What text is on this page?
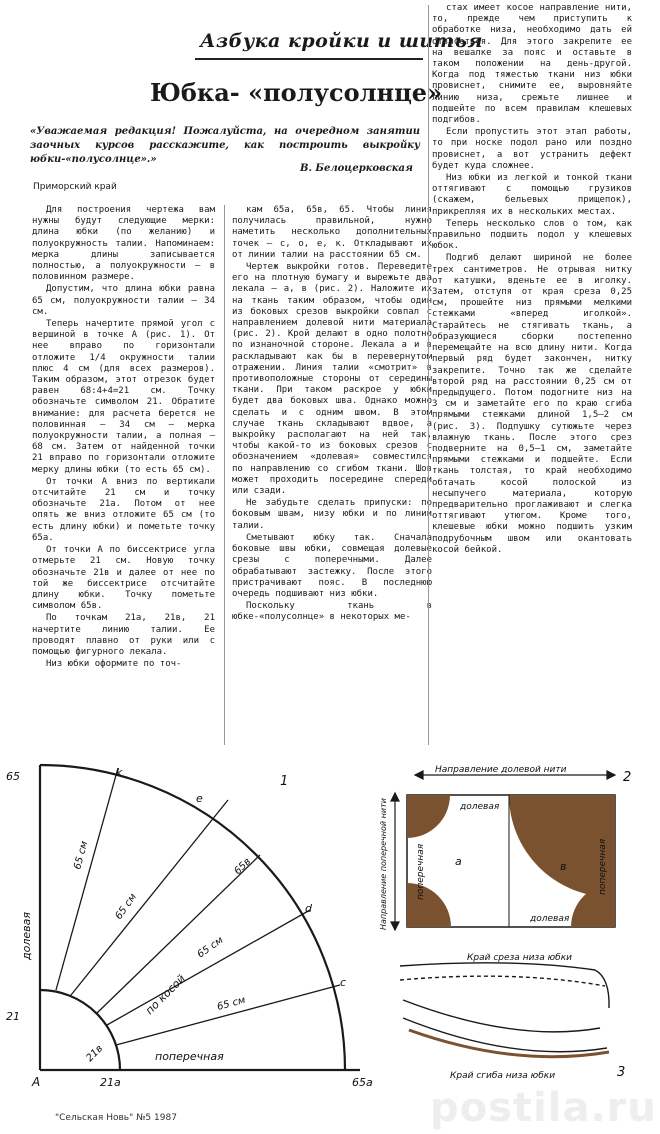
Азбука кройки и шитья
Юбка- «полусолнце»
«Уважаемая редакция! Пожалуйста, на очередном занятии заочных курсов расскажите, как построить выкройку юбки-«полусолнце».»
В. Белоцерковская
Приморский край

Для построения чертежа вам нужны будут следующие мерки: длина юбки (по желанию) и полуокружность талии. Напоминаем: мерка длины записывается полностью, а полуокружности — в половинном размере.

Допустим, что длина юбки равна 65 см, полуокружности талии — 34 см.

Теперь начертите прямой угол с вершиной в точке А (рис. 1). От нее вправо по горизонтали отложите 1/4 окружности талии плюс 4 см (для всех размеров). Таким образом, этот отрезок будет равен 68:4+4=21 см. Точку обозначьте символом 21. Обратите внимание: для расчета берется не половинная — 34 см — мерка полуокружности талии, а полная — 68 см. Затем от найденной точки 21 вправо по горизонтали отложите мерку длины юбки (то есть 65 см).

От точки А вниз по вертикали отсчитайте 21 см и точку обозначьте 21а. Потом от нее опять же вниз отложите 65 см (то есть длину юбки) и пометьте точку 65а.

От точки А по биссектрисе угла отмерьте 21 см. Новую точку обозначьте 21в и далее от нее по той же биссектрисе отсчитайте длину юбки. Точку пометьте символом 65в.

По точкам 21а, 21в, 21 начертите линию талии. Ее проводят плавно от руки или с помощью фигурного лекала.

Низ юбки оформите по точ-

кам 65а, 65в, 65. Чтобы линия получилась правильной, нужно наметить несколько дополнительных точек — с, о, е, к. Откладывают их от линии талии на расстоянии 65 см.

Чертеж выкройки готов. Переведите его на плотную бумагу и вырежьте два лекала — а, в (рис. 2). Наложите их на ткань таким образом, чтобы один из боковых срезов выкройки совпал с направлением долевой нити материала (рис. 2). Крой делают в одно полотно по изнаночной стороне. Лекала а и в раскладывают как бы в перевернутом отражении. Линия талии «смотрит» в противоположные стороны от середины ткани. При таком раскрое у юбки будет два боковых шва. Однако можно сделать и с одним швом. В этом случае ткань складывают вдвое, а выкройку располагают на ней так, чтобы какой-то из боковых срезов с обозначением «долевая» совместился по направлению со сгибом ткани. Шов может проходить посередине спереди или сзади.

Не забудьте сделать припуски: по боковым швам, низу юбки и по линии талии.

Сметывают юбку так. Сначала боковые швы юбки, совмещая долевые срезы с поперечными. Далее обрабатывают застежку. После этого пристрачивают пояс. В последнюю очередь подшивают низ юбки.

Поскольку ткань в юбке-«полусолнце» в некоторых ме-

стах имеет косое направление нити, то, прежде чем приступить к обработке низа, необходимо дать ей отвисеться. Для этого закрепите ее на вешалке за пояс и оставьте в таком положении на день-другой. Когда под тяжестью ткани низ юбки провиснет, снимите ее, выровняйте линию низа, срежьте лишнее и подшейте по всем правилам клешевых подгибов.

Если пропустить этот этап работы, то при носке подол рано или поздно провиснет, а вот устранить дефект будет куда сложнее.

Низ юбки из легкой и тонкой ткани оттягивают с помощью грузиков (скажем, бельевых прищепок), прикрепляя их в нескольких местах.

Теперь несколько слов о том, как правильно подшить подол у клешевых юбок.

Подгиб делают шириной не более трех сантиметров. Не отрывая нитку от катушки, вденьте ее в иголку. Затем, отступя от края среза 0,25 см, прошейте низ прямыми мелкими стежками «вперед иголкой». Старайтесь не стягивать ткань, а образующиеся сборки постепенно перемещайте на всю длину нити. Когда первый ряд будет закончен, нитку закрепите. Точно так же сделайте второй ряд на расстоянии 0,25 см от предыдущего. Потом подогните низ на 3 см и заметайте его по краю сгиба прямыми стежками длиной 1,5—2 см (рис. 3). Подпушку сутюжьте через влажную ткань. После этого срез подверните на 0,5—1 см, заметайте прямыми стежками и подшейте. Если ткань толстая, то край необходимо обтачать косой полоской из несыпучего материала, которую предварительно проглаживают и слегка оттягивают утюгом. Кроме того, клешевые юбки можно подшить узким подрубочным швом или окантовать косой бейкой.

1
65
21
A	21а	65а
21в
65в
k
e
d
c
65 см
65 см
65 см
65 см
долевая
поперечная
по косой
2
Направление долевой нити
Направление поперечной нити	а	в
долевая
долевая
поперечная	поперечная
3
Край среза низа юбки
Край сгиба низа юбки
postila.ru
"Сельская Новь" №5 1987
